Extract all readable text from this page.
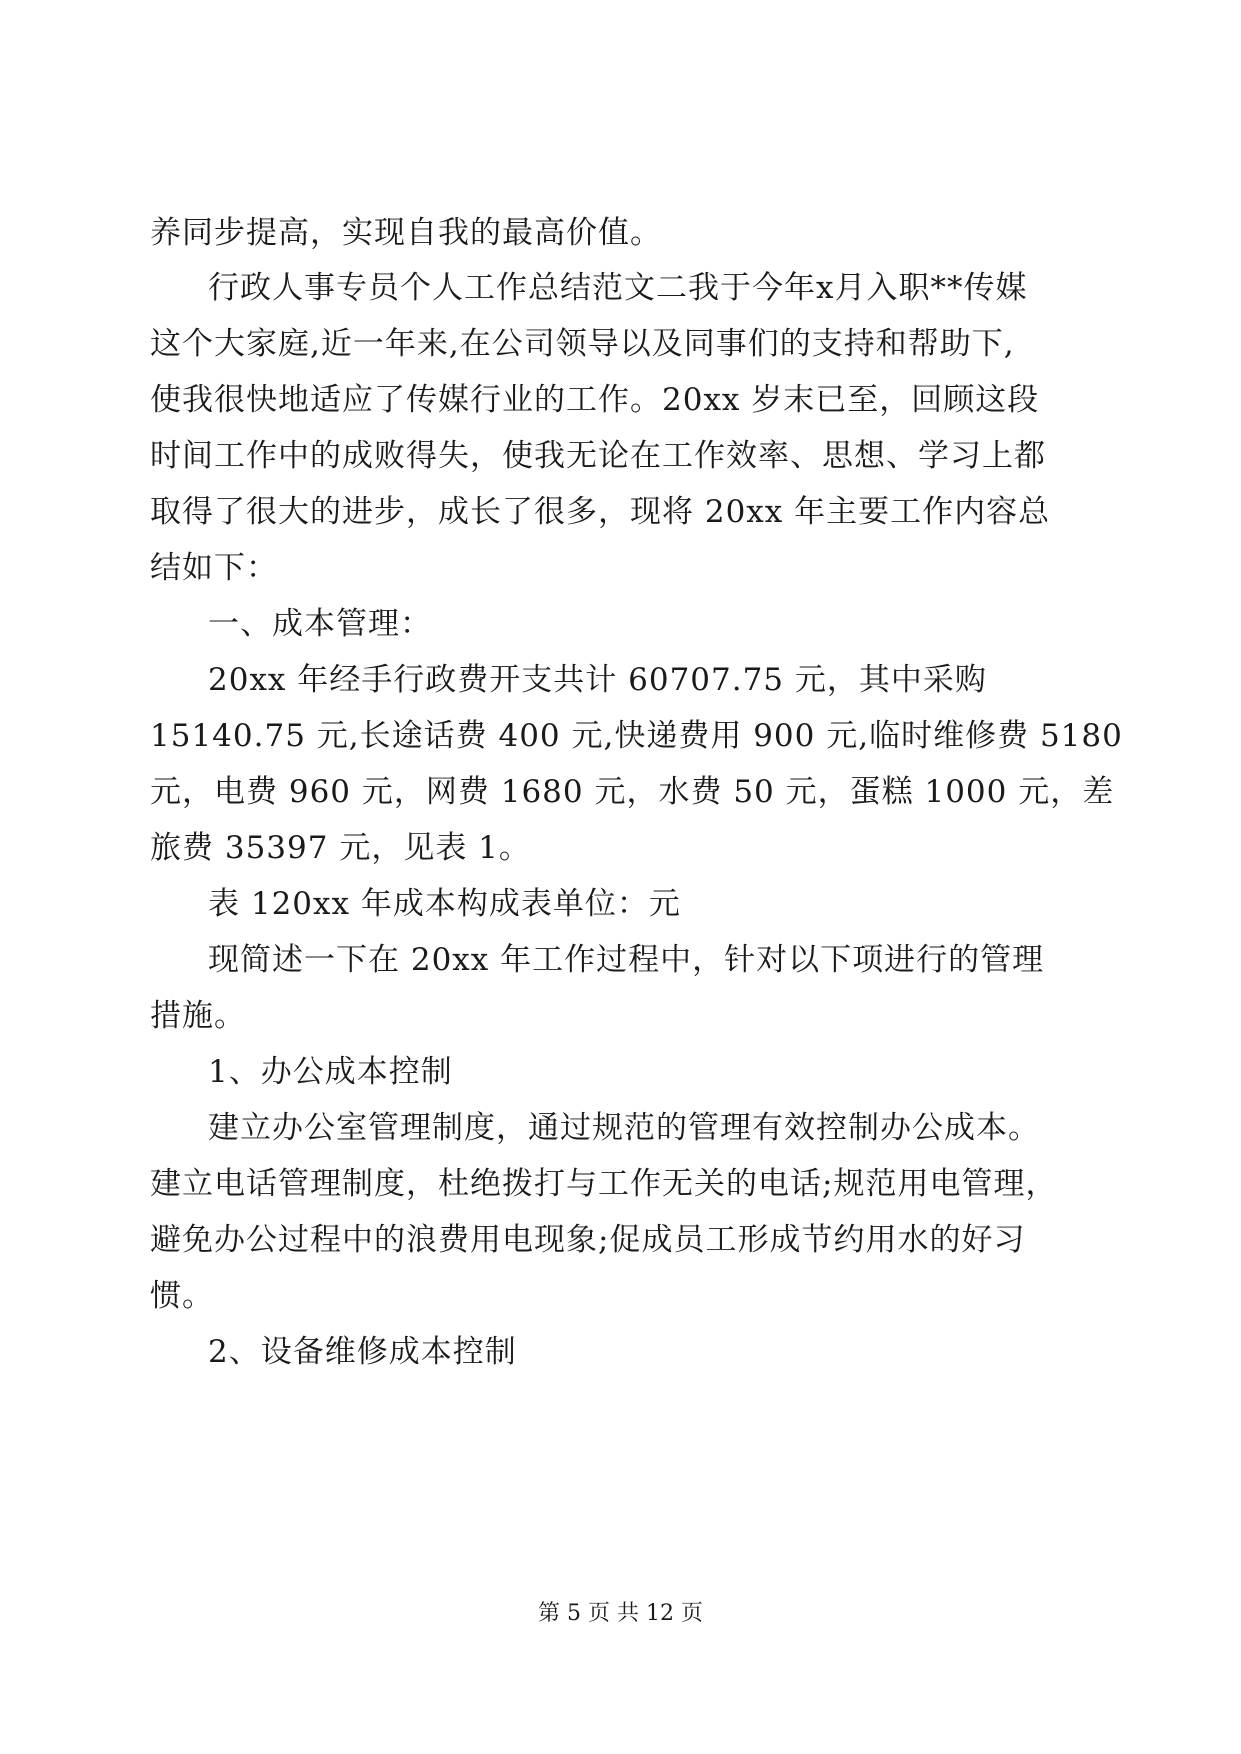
养同步提高，实现自我的最高价值。
行政人事专员个人工作总结范文二我于今年x月入职**传媒
这个大家庭,近一年来,在公司领导以及同事们的支持和帮助下,
使我很快地适应了传媒行业的工作。20xx 岁末已至，回顾这段
时间工作中的成败得失，使我无论在工作效率、思想、学习上都
取得了很大的进步，成长了很多，现将 20xx 年主要工作内容总
结如下：
一、成本管理：
20xx 年经手行政费开支共计 60707.75 元，其中采购
15140.75 元,长途话费 400 元,快递费用 900 元,临时维修费 5180
元，电费 960 元，网费 1680 元，水费 50 元，蛋糕 1000 元，差
旅费 35397 元，见表 1。
表 120xx 年成本构成表单位：元
现简述一下在 20xx 年工作过程中，针对以下项进行的管理
措施。
1、办公成本控制
建立办公室管理制度，通过规范的管理有效控制办公成本。
建立电话管理制度，杜绝拨打与工作无关的电话;规范用电管理，
避免办公过程中的浪费用电现象;促成员工形成节约用水的好习
惯。
2、设备维修成本控制
第 5 页 共 12 页
